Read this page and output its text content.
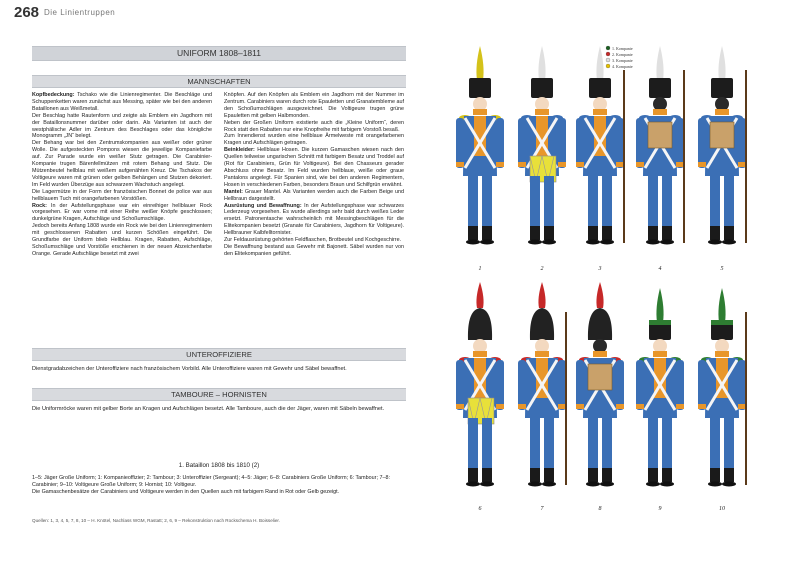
268 Die Linientruppen
UNIFORM 1808–1811
MANNSCHAFTEN

Kopfbedeckung: Tschako wie die Linienregimenter. Die Beschläge und Schuppenketten waren zunächst aus Messing, später wie bei den anderen Bataillonen aus Weißmetall.

Der Beschlag hatte Rautenform und zeigte als Emblem ein Jagdhorn mit der Bataillonsnummer darüber oder darin. Als Varianten ist auch der westphälische Adler im Zentrum des Beschlages oder das königliche Monogramm „JN“ belegt.

Der Behang war bei den Zentrumskompanien aus weißer oder grüner Wolle. Die aufgesteckten Pompons wiesen die jeweilige Kompaniefarbe auf. Zur Parade wurde ein weißer Stutz getragen. Die Carabinier-Kompanie trugen Bärenfellmützen mit rotem Behang und Stutz. Die Mützenbeutel hellblau mit weißem aufgenähten Kreuz. Die Tschakos der Voltigeure waren mit grünen oder gelben Behängen und Stutzen dekoriert. Im Feld wurden Überzüge aus schwarzem Wachstuch angelegt.

Die Lagermütze in der Form der französischen Bonnet de police war aus hellblauem Tuch mit orangefarbenen Vorstößen.

Rock: In der Aufstellungsphase war ein einreihiger hellblauer Rock vorgesehen. Er war vorne mit einer Reihe weißer Knöpfe geschlossen; dunkelgrüne Kragen, Aufschläge und Schoßumschläge.

Jedoch bereits Anfang 1808 wurde ein Rock wie bei den Linienregimentern mit geschlossenen Rabatten und kurzen Schößen eingeführt. Die Grundfarbe der Uniform blieb Hellblau. Kragen, Rabatten, Aufschläge, Schoßumschläge und Vorstöße erschienen in der neuen Abzeichenfarbe Orange. Gerade Aufschläge besetzt mit zwei

Knöpfen. Auf den Knöpfen als Emblem ein Jagdhorn mit der Nummer im Zentrum. Carabiniers waren durch rote Epauletten und Granatembleme auf den Schoßumschlägen ausgezeichnet. Die Voltigeure trugen grüne Epauletten mit gelben Halbmonden.

Neben der Großen Uniform existierte auch die „Kleine Uniform“, deren Rock statt den Rabatten nur eine Knopfreihe mit farbigem Vorstoß besaß.

Zum Innendienst wurden eine hellblaue Ärmelweste mit orangefarbenen Kragen und Aufschlägen getragen.

Beinkleider: Hellblaue Hosen. Die kurzen Gamaschen wiesen nach den Quellen teilweise ungarischen Schnitt mit farbigem Besatz und Troddel auf (Rot für Carabiniers, Grün für Voltigeure). Bei den Chasseurs gerader Abschluss ohne Besatz. Im Feld wurden hellblaue, weiße oder graue Pantalons angelegt. Für Spanien sind, wie bei den anderen Regimentern, Hosen in verschiedenen Farben, besonders Braun und Schilfgrün erwähnt.

Mantel: Grauer Mantel. Als Varianten werden auch die Farben Beige und Hellbraun dargestellt.

Ausrüstung und Bewaffnung: In der Aufstellungsphase war schwarzes Lederzeug vorgesehen. Es wurde allerdings sehr bald durch weißes Leder ersetzt. Patronentasche wahrscheinlich mit Messingbeschlägen für die Elitekompanien besetzt (Granate für Carabiniers, Jagdhorn für Voltigeure). Hellbrauner Kalbfelltornister.

Zur Feldausrüstung gehörten Feldflaschen, Brotbeutel und Kochgeschirre.

Die Bewaffnung bestand aus Gewehr mit Bajonett. Säbel wurden nur von den Elitekompanien geführt.

UNTEROFFIZIERE
Dienstgradabzeichen der Unteroffiziere nach französischem Vorbild. Alle Unteroffiziere waren mit Gewehr und Säbel bewaffnet.
TAMBOURE – HORNISTEN
Die Uniformröcke waren mit gelber Borte an Kragen und Aufschlägen besetzt. Alle Tamboure, auch die der Jäger, waren mit Säbeln bewaffnet.
1. Bataillon 1808 bis 1810 (2)
1–5: Jäger Große Uniform; 1: Kompanieoffizier; 2: Tambour; 3: Unteroffizier (Sergeant); 4–5: Jäger; 6–8: Carabiniers Große Uniform; 6: Tambour; 7–8: Carabinier; 9–10: Voltigeure Große Uniform; 9: Hornist; 10: Voltigeur.
Die Gamaschenbesätze der Carabiniers und Voltigeure werden in den Quellen auch mit farbigem Rand in Rot oder Gelb gezeigt.
Quellen: 1, 3, 4, 5, 7, 8, 10 – H. Knötel, Nachlass WGM, Rastatt; 2, 6, 9 – Rekonstruktion nach Rockschema H. Boisselier.
1. Kompanie
2. Kompanie
3. Kompanie
4. Kompanie
1	2	3	4	5
6	7	8	9	10
